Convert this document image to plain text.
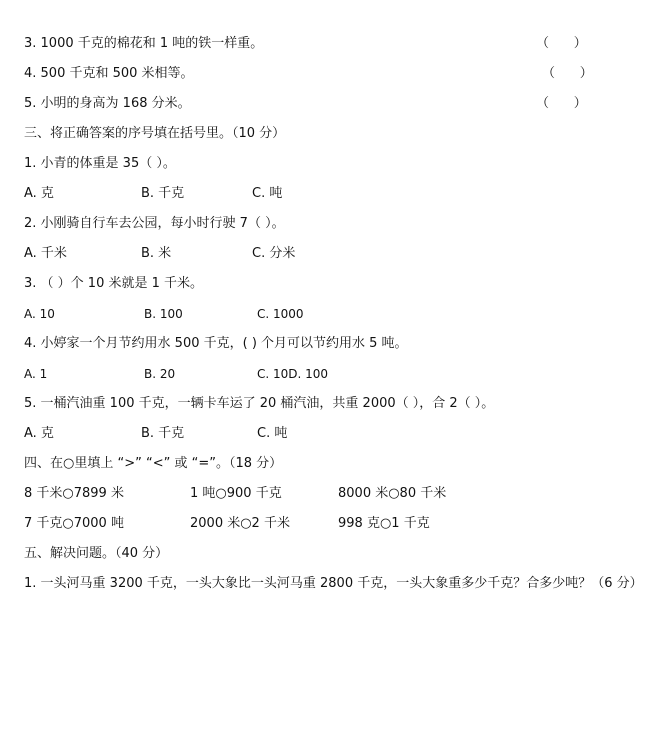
3. 1000 千克的棉花和 1 吨的铁一样重。	（      ）
4. 500 千克和 500 米相等。	（      ）
5. 小明的身高为 168 分米。	（      ）
三、将正确答案的序号填在括号里。（10 分）
1. 小青的体重是 35（ ）。
A. 克	B. 千克	C. 吨
2. 小刚骑自行车去公园，每小时行驶 7（ ）。
A. 千米	B. 米	C. 分米
3. （ ）个 10 米就是 1 千米。
A. 10	B. 100	C. 1000
4. 小婷家一个月节约用水 500 千克，( ) 个月可以节约用水 5 吨。
A. 1	B. 20	C. 10D. 100
5. 一桶汽油重 100 千克，一辆卡车运了 20 桶汽油，共重 2000（ ），合 2（ ）。
A. 克	B. 千克	C. 吨
四、在○里填上 “>” “<” 或 “=”。（18 分）
8 千米○7899 米	1 吨○900 千克	8000 米○80 千米
7 千克○7000 吨	2000 米○2 千米	998 克○1 千克
五、解决问题。（40 分）
1. 一头河马重 3200 千克，一头大象比一头河马重 2800 千克，一头大象重多少千克？合多少吨？（6 分）
